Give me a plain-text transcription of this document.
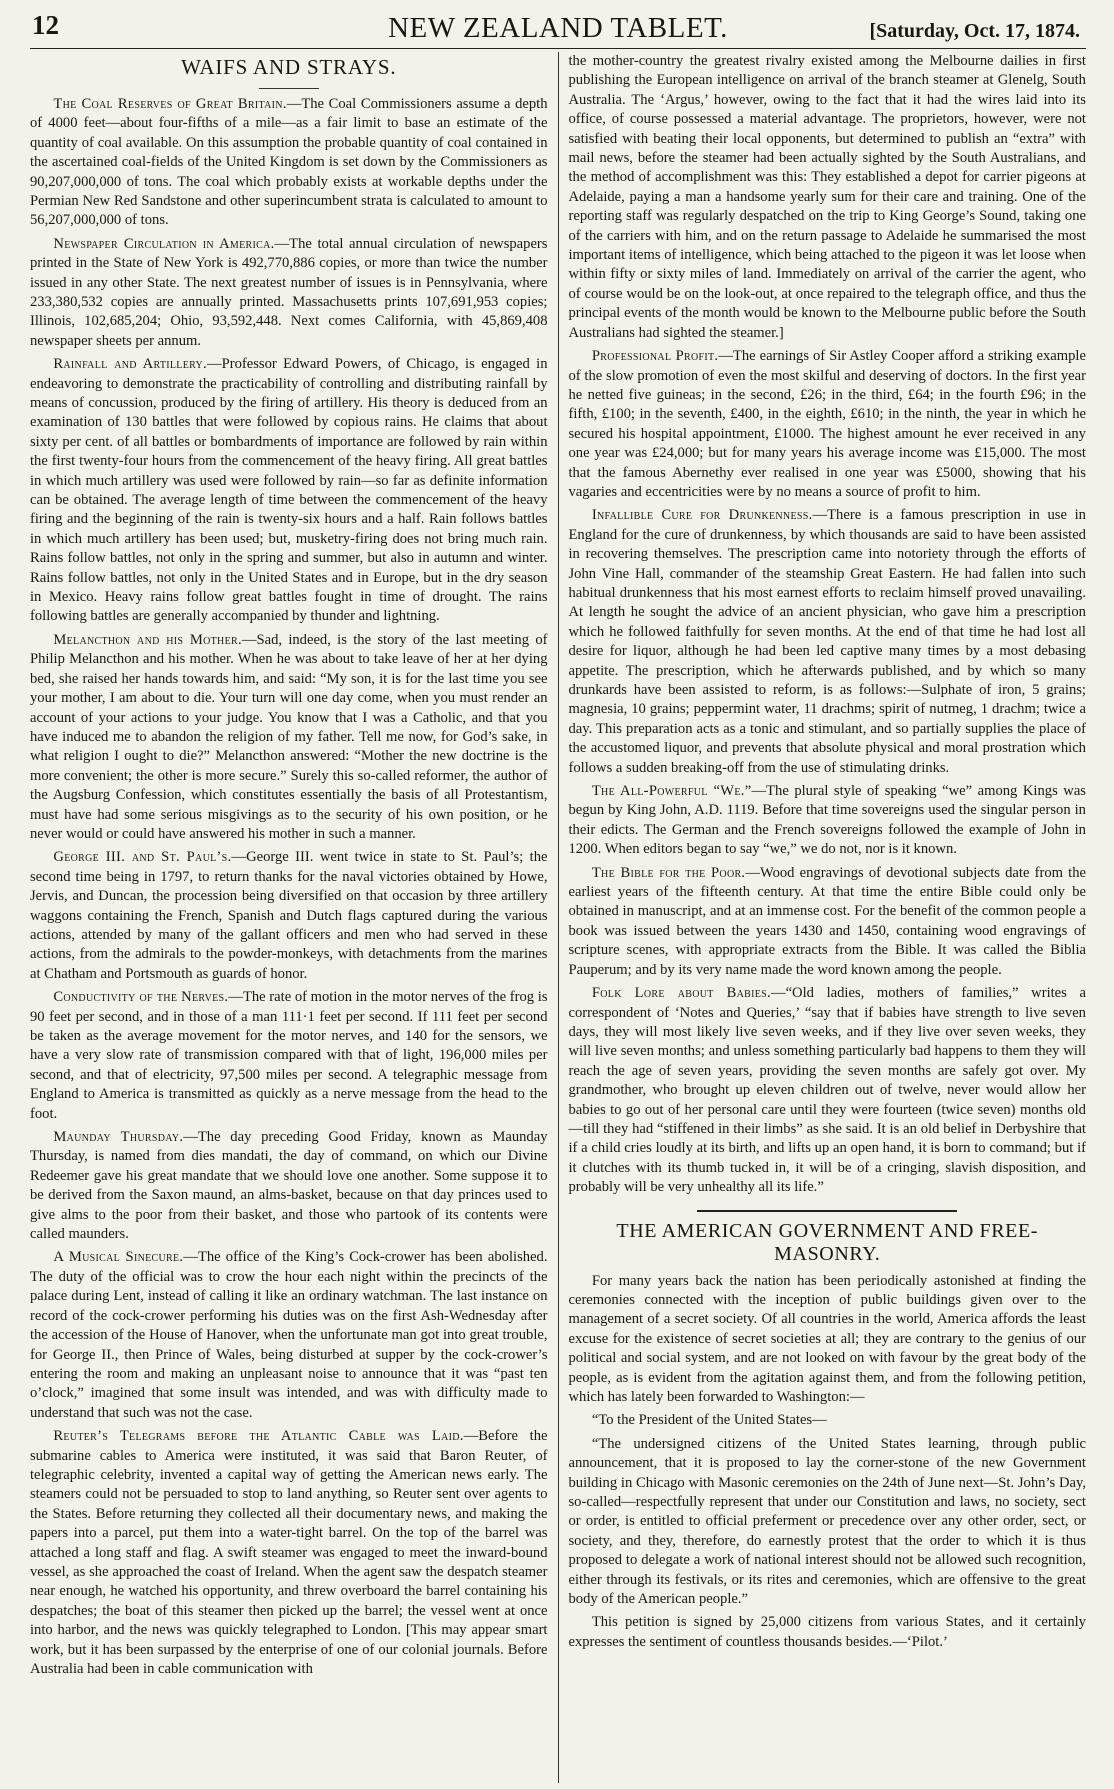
12	NEW ZEALAND TABLET.	[Saturday, Oct. 17, 1874.
WAIFS AND STRAYS.

The Coal Reserves of Great Britain.—The Coal Commissioners assume a depth of 4000 feet—about four-fifths of a mile—as a fair limit to base an estimate of the quantity of coal available. On this assumption the probable quantity of coal contained in the ascertained coal-fields of the United Kingdom is set down by the Commissioners as 90,207,000,000 of tons. The coal which probably exists at workable depths under the Permian New Red Sandstone and other superincumbent strata is calculated to amount to 56,207,000,000 of tons.

Newspaper Circulation in America.—The total annual circulation of newspapers printed in the State of New York is 492,770,886 copies, or more than twice the number issued in any other State. The next greatest number of issues is in Pennsylvania, where 233,380,532 copies are annually printed. Massachusetts prints 107,691,953 copies; Illinois, 102,685,204; Ohio, 93,592,448. Next comes California, with 45,869,408 newspaper sheets per annum.

Rainfall and Artillery.—Professor Edward Powers, of Chicago, is engaged in endeavoring to demonstrate the practicability of controlling and distributing rainfall by means of concussion, produced by the firing of artillery. His theory is deduced from an examination of 130 battles that were followed by copious rains. He claims that about sixty per cent. of all battles or bombardments of importance are followed by rain within the first twenty-four hours from the commencement of the heavy firing. All great battles in which much artillery was used were followed by rain—so far as definite information can be obtained. The average length of time between the commencement of the heavy firing and the beginning of the rain is twenty-six hours and a half. Rain follows battles in which much artillery has been used; but, musketry-firing does not bring much rain. Rains follow battles, not only in the spring and summer, but also in autumn and winter. Rains follow battles, not only in the United States and in Europe, but in the dry season in Mexico. Heavy rains follow great battles fought in time of drought. The rains following battles are generally accompanied by thunder and lightning.

Melancthon and his Mother.—Sad, indeed, is the story of the last meeting of Philip Melancthon and his mother. When he was about to take leave of her at her dying bed, she raised her hands towards him, and said: “My son, it is for the last time you see your mother, I am about to die. Your turn will one day come, when you must render an account of your actions to your judge. You know that I was a Catholic, and that you have induced me to abandon the religion of my father. Tell me now, for God’s sake, in what religion I ought to die?” Melancthon answered: “Mother the new doctrine is the more convenient; the other is more secure.” Surely this so-called reformer, the author of the Augsburg Confession, which constitutes essentially the basis of all Protestantism, must have had some serious misgivings as to the security of his own position, or he never would or could have answered his mother in such a manner.

George III. and St. Paul’s.—George III. went twice in state to St. Paul’s; the second time being in 1797, to return thanks for the naval victories obtained by Howe, Jervis, and Duncan, the procession being diversified on that occasion by three artillery waggons containing the French, Spanish and Dutch flags captured during the various actions, attended by many of the gallant officers and men who had served in these actions, from the admirals to the powder-monkeys, with detachments from the marines at Chatham and Portsmouth as guards of honor.

Conductivity of the Nerves.—The rate of motion in the motor nerves of the frog is 90 feet per second, and in those of a man 111·1 feet per second. If 111 feet per second be taken as the average movement for the motor nerves, and 140 for the sensors, we have a very slow rate of transmission compared with that of light, 196,000 miles per second, and that of electricity, 97,500 miles per second. A telegraphic message from England to America is transmitted as quickly as a nerve message from the head to the foot.

Maunday Thursday.—The day preceding Good Friday, known as Maunday Thursday, is named from dies mandati, the day of command, on which our Divine Redeemer gave his great mandate that we should love one another. Some suppose it to be derived from the Saxon maund, an alms-basket, because on that day princes used to give alms to the poor from their basket, and those who partook of its contents were called maunders.

A Musical Sinecure.—The office of the King’s Cock-crower has been abolished. The duty of the official was to crow the hour each night within the precincts of the palace during Lent, instead of calling it like an ordinary watchman. The last instance on record of the cock-crower performing his duties was on the first Ash-Wednesday after the accession of the House of Hanover, when the unfortunate man got into great trouble, for George II., then Prince of Wales, being disturbed at supper by the cock-crower’s entering the room and making an unpleasant noise to announce that it was “past ten o’clock,” imagined that some insult was intended, and was with difficulty made to understand that such was not the case.

Reuter’s Telegrams before the Atlantic Cable was Laid.—Before the submarine cables to America were instituted, it was said that Baron Reuter, of telegraphic celebrity, invented a capital way of getting the American news early. The steamers could not be persuaded to stop to land anything, so Reuter sent over agents to the States. Before returning they collected all their documentary news, and making the papers into a parcel, put them into a water-tight barrel. On the top of the barrel was attached a long staff and flag. A swift steamer was engaged to meet the inward-bound vessel, as she approached the coast of Ireland. When the agent saw the despatch steamer near enough, he watched his opportunity, and threw overboard the barrel containing his despatches; the boat of this steamer then picked up the barrel; the vessel went at once into harbor, and the news was quickly telegraphed to London. [This may appear smart work, but it has been surpassed by the enterprise of one of our colonial journals. Before Australia had been in cable communication with

the mother-country the greatest rivalry existed among the Melbourne dailies in first publishing the European intelligence on arrival of the branch steamer at Glenelg, South Australia. The ‘Argus,’ however, owing to the fact that it had the wires laid into its office, of course possessed a material advantage. The proprietors, however, were not satisfied with beating their local opponents, but determined to publish an “extra” with mail news, before the steamer had been actually sighted by the South Australians, and the method of accomplishment was this: They established a depot for carrier pigeons at Adelaide, paying a man a handsome yearly sum for their care and training. One of the reporting staff was regularly despatched on the trip to King George’s Sound, taking one of the carriers with him, and on the return passage to Adelaide he summarised the most important items of intelligence, which being attached to the pigeon it was let loose when within fifty or sixty miles of land. Immediately on arrival of the carrier the agent, who of course would be on the look-out, at once repaired to the telegraph office, and thus the principal events of the month would be known to the Melbourne public before the South Australians had sighted the steamer.]

Professional Profit.—The earnings of Sir Astley Cooper afford a striking example of the slow promotion of even the most skilful and deserving of doctors. In the first year he netted five guineas; in the second, £26; in the third, £64; in the fourth £96; in the fifth, £100; in the seventh, £400, in the eighth, £610; in the ninth, the year in which he secured his hospital appointment, £1000. The highest amount he ever received in any one year was £24,000; but for many years his average income was £15,000. The most that the famous Abernethy ever realised in one year was £5000, showing that his vagaries and eccentricities were by no means a source of profit to him.

Infallible Cure for Drunkenness.—There is a famous prescription in use in England for the cure of drunkenness, by which thousands are said to have been assisted in recovering themselves. The prescription came into notoriety through the efforts of John Vine Hall, commander of the steamship Great Eastern. He had fallen into such habitual drunkenness that his most earnest efforts to reclaim himself proved unavailing. At length he sought the advice of an ancient physician, who gave him a prescription which he followed faithfully for seven months. At the end of that time he had lost all desire for liquor, although he had been led captive many times by a most debasing appetite. The prescription, which he afterwards published, and by which so many drunkards have been assisted to reform, is as follows:—Sulphate of iron, 5 grains; magnesia, 10 grains; peppermint water, 11 drachms; spirit of nutmeg, 1 drachm; twice a day. This preparation acts as a tonic and stimulant, and so partially supplies the place of the accustomed liquor, and prevents that absolute physical and moral prostration which follows a sudden breaking-off from the use of stimulating drinks.

The All-Powerful “We.”—The plural style of speaking “we” among Kings was begun by King John, A.D. 1119. Before that time sovereigns used the singular person in their edicts. The German and the French sovereigns followed the example of John in 1200. When editors began to say “we,” we do not, nor is it known.

The Bible for the Poor.—Wood engravings of devotional subjects date from the earliest years of the fifteenth century. At that time the entire Bible could only be obtained in manuscript, and at an immense cost. For the benefit of the common people a book was issued between the years 1430 and 1450, containing wood engravings of scripture scenes, with appropriate extracts from the Bible. It was called the Biblia Pauperum; and by its very name made the word known among the people.

Folk Lore about Babies.—“Old ladies, mothers of families,” writes a correspondent of ‘Notes and Queries,’ “say that if babies have strength to live seven days, they will most likely live seven weeks, and if they live over seven weeks, they will live seven months; and unless something particularly bad happens to them they will reach the age of seven years, providing the seven months are safely got over. My grandmother, who brought up eleven children out of twelve, never would allow her babies to go out of her personal care until they were fourteen (twice seven) months old—till they had “stiffened in their limbs” as she said. It is an old belief in Derbyshire that if a child cries loudly at its birth, and lifts up an open hand, it is born to command; but if it clutches with its thumb tucked in, it will be of a cringing, slavish disposition, and probably will be very unhealthy all its life.”

THE AMERICAN GOVERNMENT AND FREE-MASONRY.

For many years back the nation has been periodically astonished at finding the ceremonies connected with the inception of public buildings given over to the management of a secret society. Of all countries in the world, America affords the least excuse for the existence of secret societies at all; they are contrary to the genius of our political and social system, and are not looked on with favour by the great body of the people, as is evident from the agitation against them, and from the following petition, which has lately been forwarded to Washington:—

“To the President of the United States—

“The undersigned citizens of the United States learning, through public announcement, that it is proposed to lay the corner-stone of the new Government building in Chicago with Masonic ceremonies on the 24th of June next—St. John’s Day, so-called—respectfully represent that under our Constitution and laws, no society, sect or order, is entitled to official preferment or precedence over any other order, sect, or society, and they, therefore, do earnestly protest that the order to which it is thus proposed to delegate a work of national interest should not be allowed such recognition, either through its festivals, or its rites and ceremonies, which are offensive to the great body of the American people.”

This petition is signed by 25,000 citizens from various States, and it certainly expresses the sentiment of countless thousands besides.—‘Pilot.’
